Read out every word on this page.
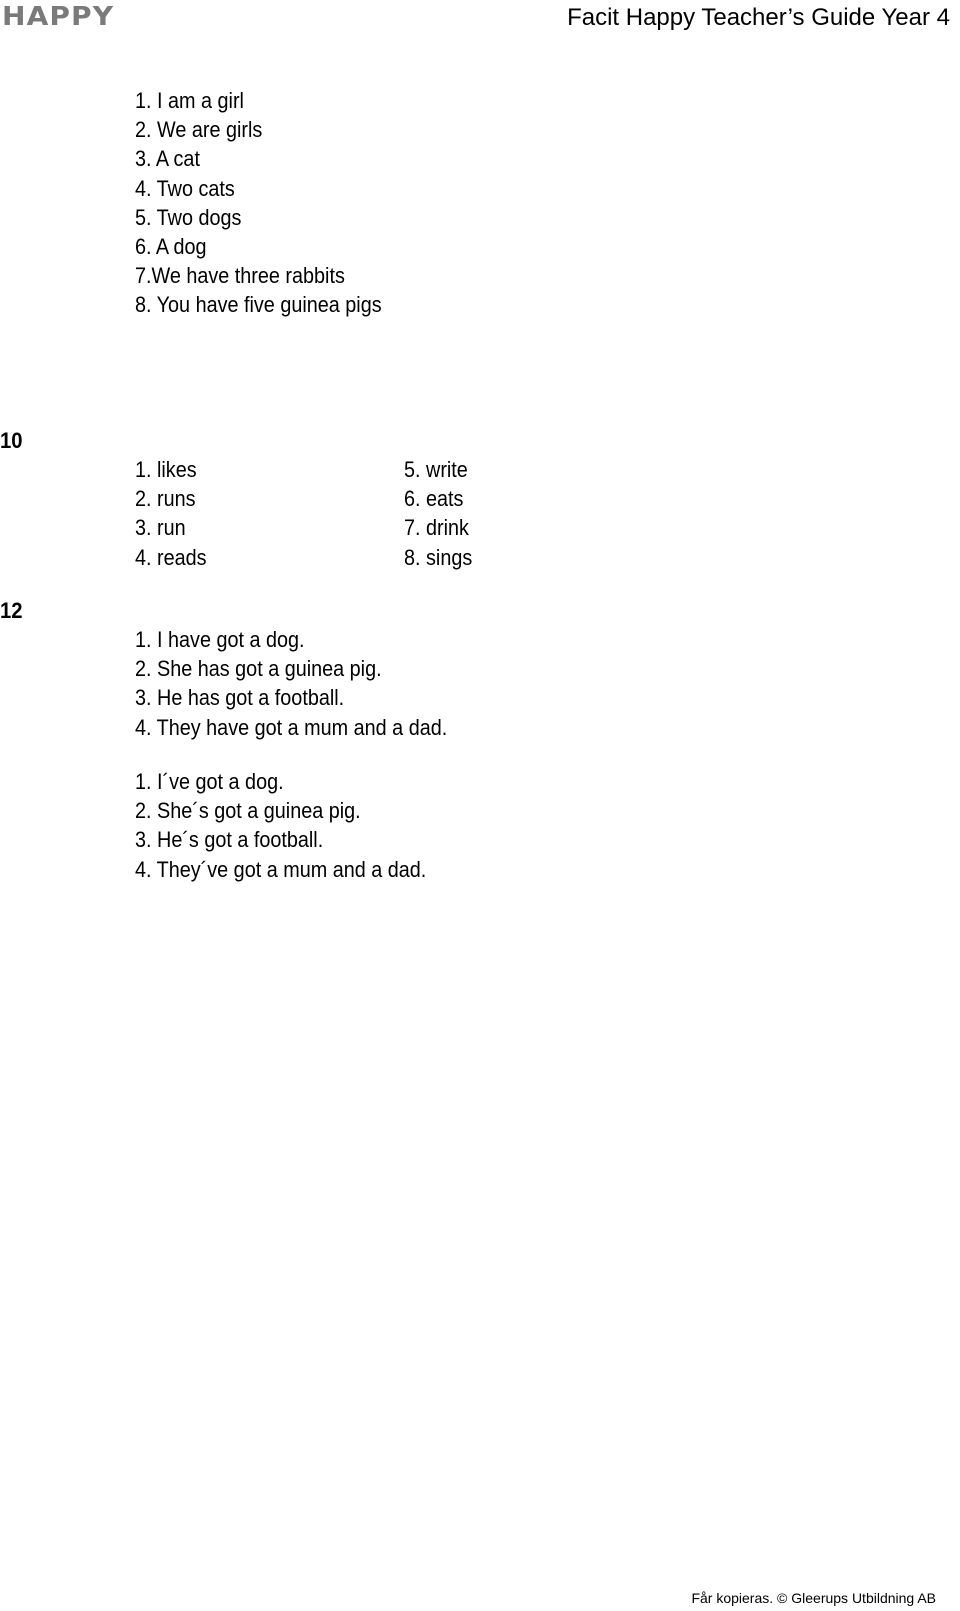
HAPPY	Facit Happy Teacher’s Guide Year 4
1. I am a girl
2. We are girls
3. A cat
4. Two cats
5. Two dogs
6. A dog
7.We have three rabbits
8. You have five guinea pigs
10
1. likes
2. runs
3. run
4. reads
5. write
6. eats
7. drink
8. sings
12
1. I have got a dog.
2. She has got a guinea pig.
3. He has got a football.
4. They have got a mum and a dad.
1. I´ve got a dog.
2. She´s got a guinea pig.
3. He´s got a football.
4. They´ve got a mum and a dad.
Får kopieras. © Gleerups Utbildning AB
